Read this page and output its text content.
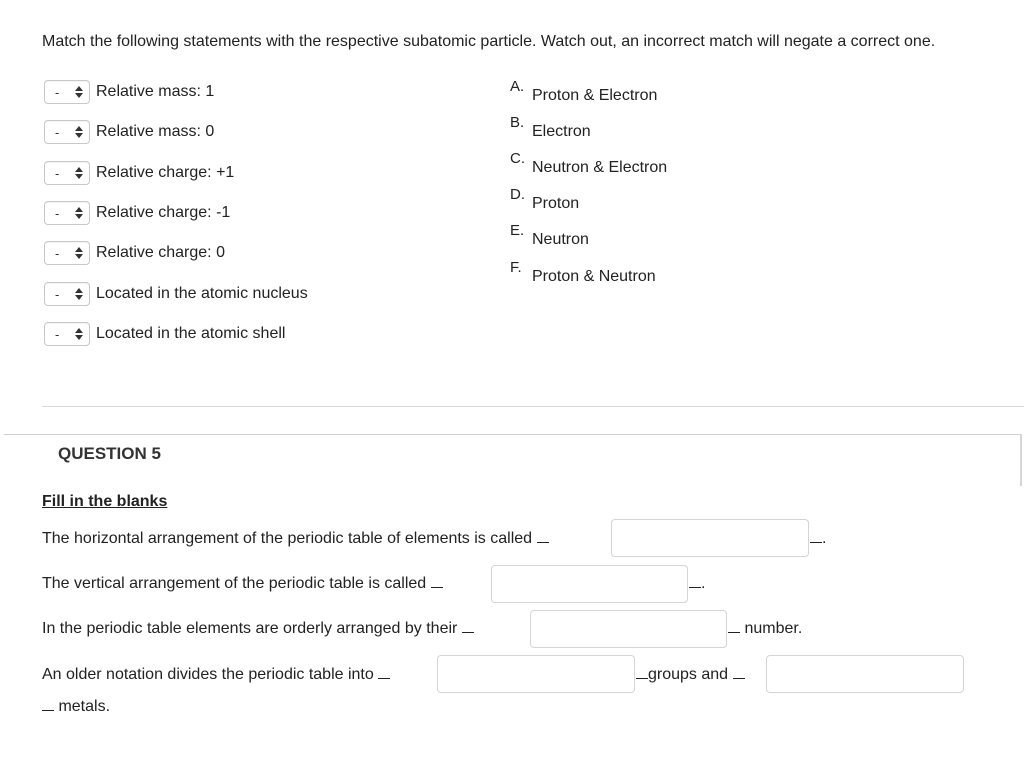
Match the following statements with the respective subatomic particle. Watch out, an incorrect match will negate a correct one.
- Relative mass: 1
- Relative mass: 0
- Relative charge: +1
- Relative charge: -1
- Relative charge: 0
- Located in the atomic nucleus
- Located in the atomic shell
A.
Proton & Electron
B.
Electron
C.
Neutron & Electron
D.
Proton
E.
Neutron
F.
Proton & Neutron
QUESTION 5
Fill in the blanks
The horizontal arrangement of the periodic table of elements is called	.
The vertical arrangement of the periodic table is called	.
In the periodic table elements are orderly arranged by their	number.
An older notation divides the periodic table into	groups and
metals.
